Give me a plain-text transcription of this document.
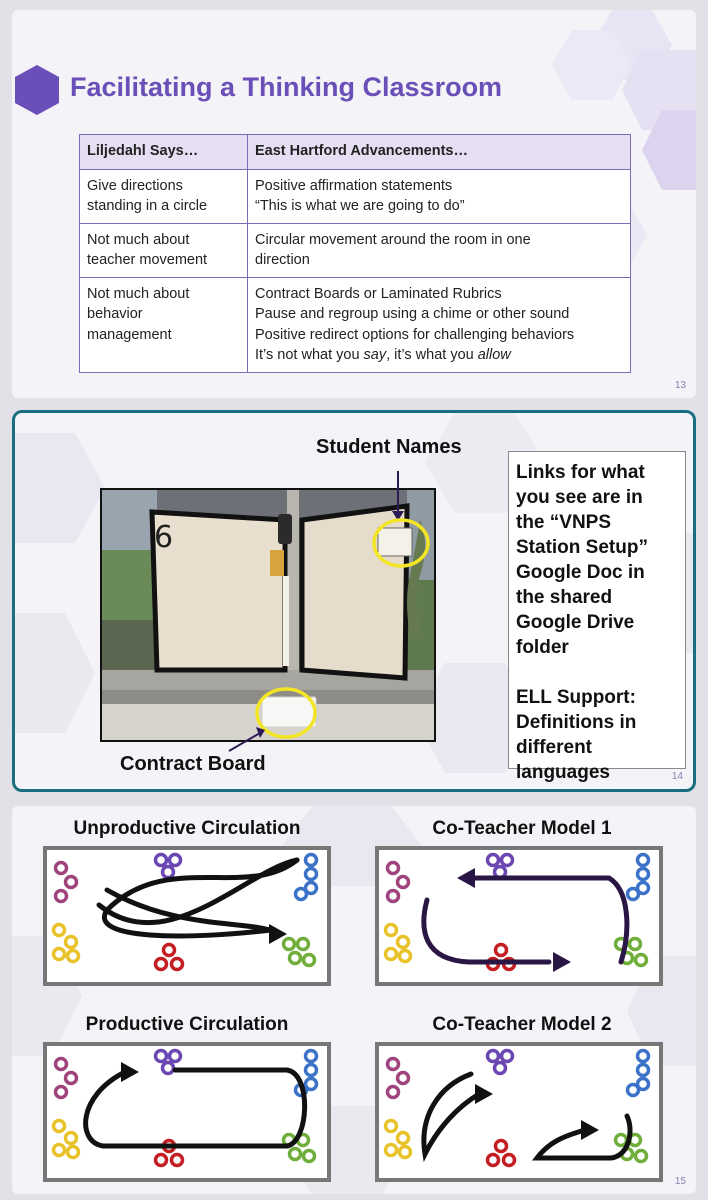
Facilitating a Thinking Classroom
Liljedahl Says…	East Hartford Advancements…

Give directions
standing in a circle	Positive affirmation statements
“This is what we are going to do”

Not much about
teacher movement	Circular movement around the room in one
direction

Not much about
behavior
management	Contract Boards or Laminated Rubrics
Pause and regroup using a chime or other sound
Positive redirect options for challenging behaviors
It’s not what you say, it’s what you allow
13
6
Student Names
Contract Board
Links for what
you see are in
the “VNPS
Station Setup”
Google Doc in
the shared
Google Drive
folder
ELL Support:
Definitions in
different
languages	14
Unproductive Circulation	Co-Teacher Model 1
Productive Circulation	Co-Teacher Model 2
15
